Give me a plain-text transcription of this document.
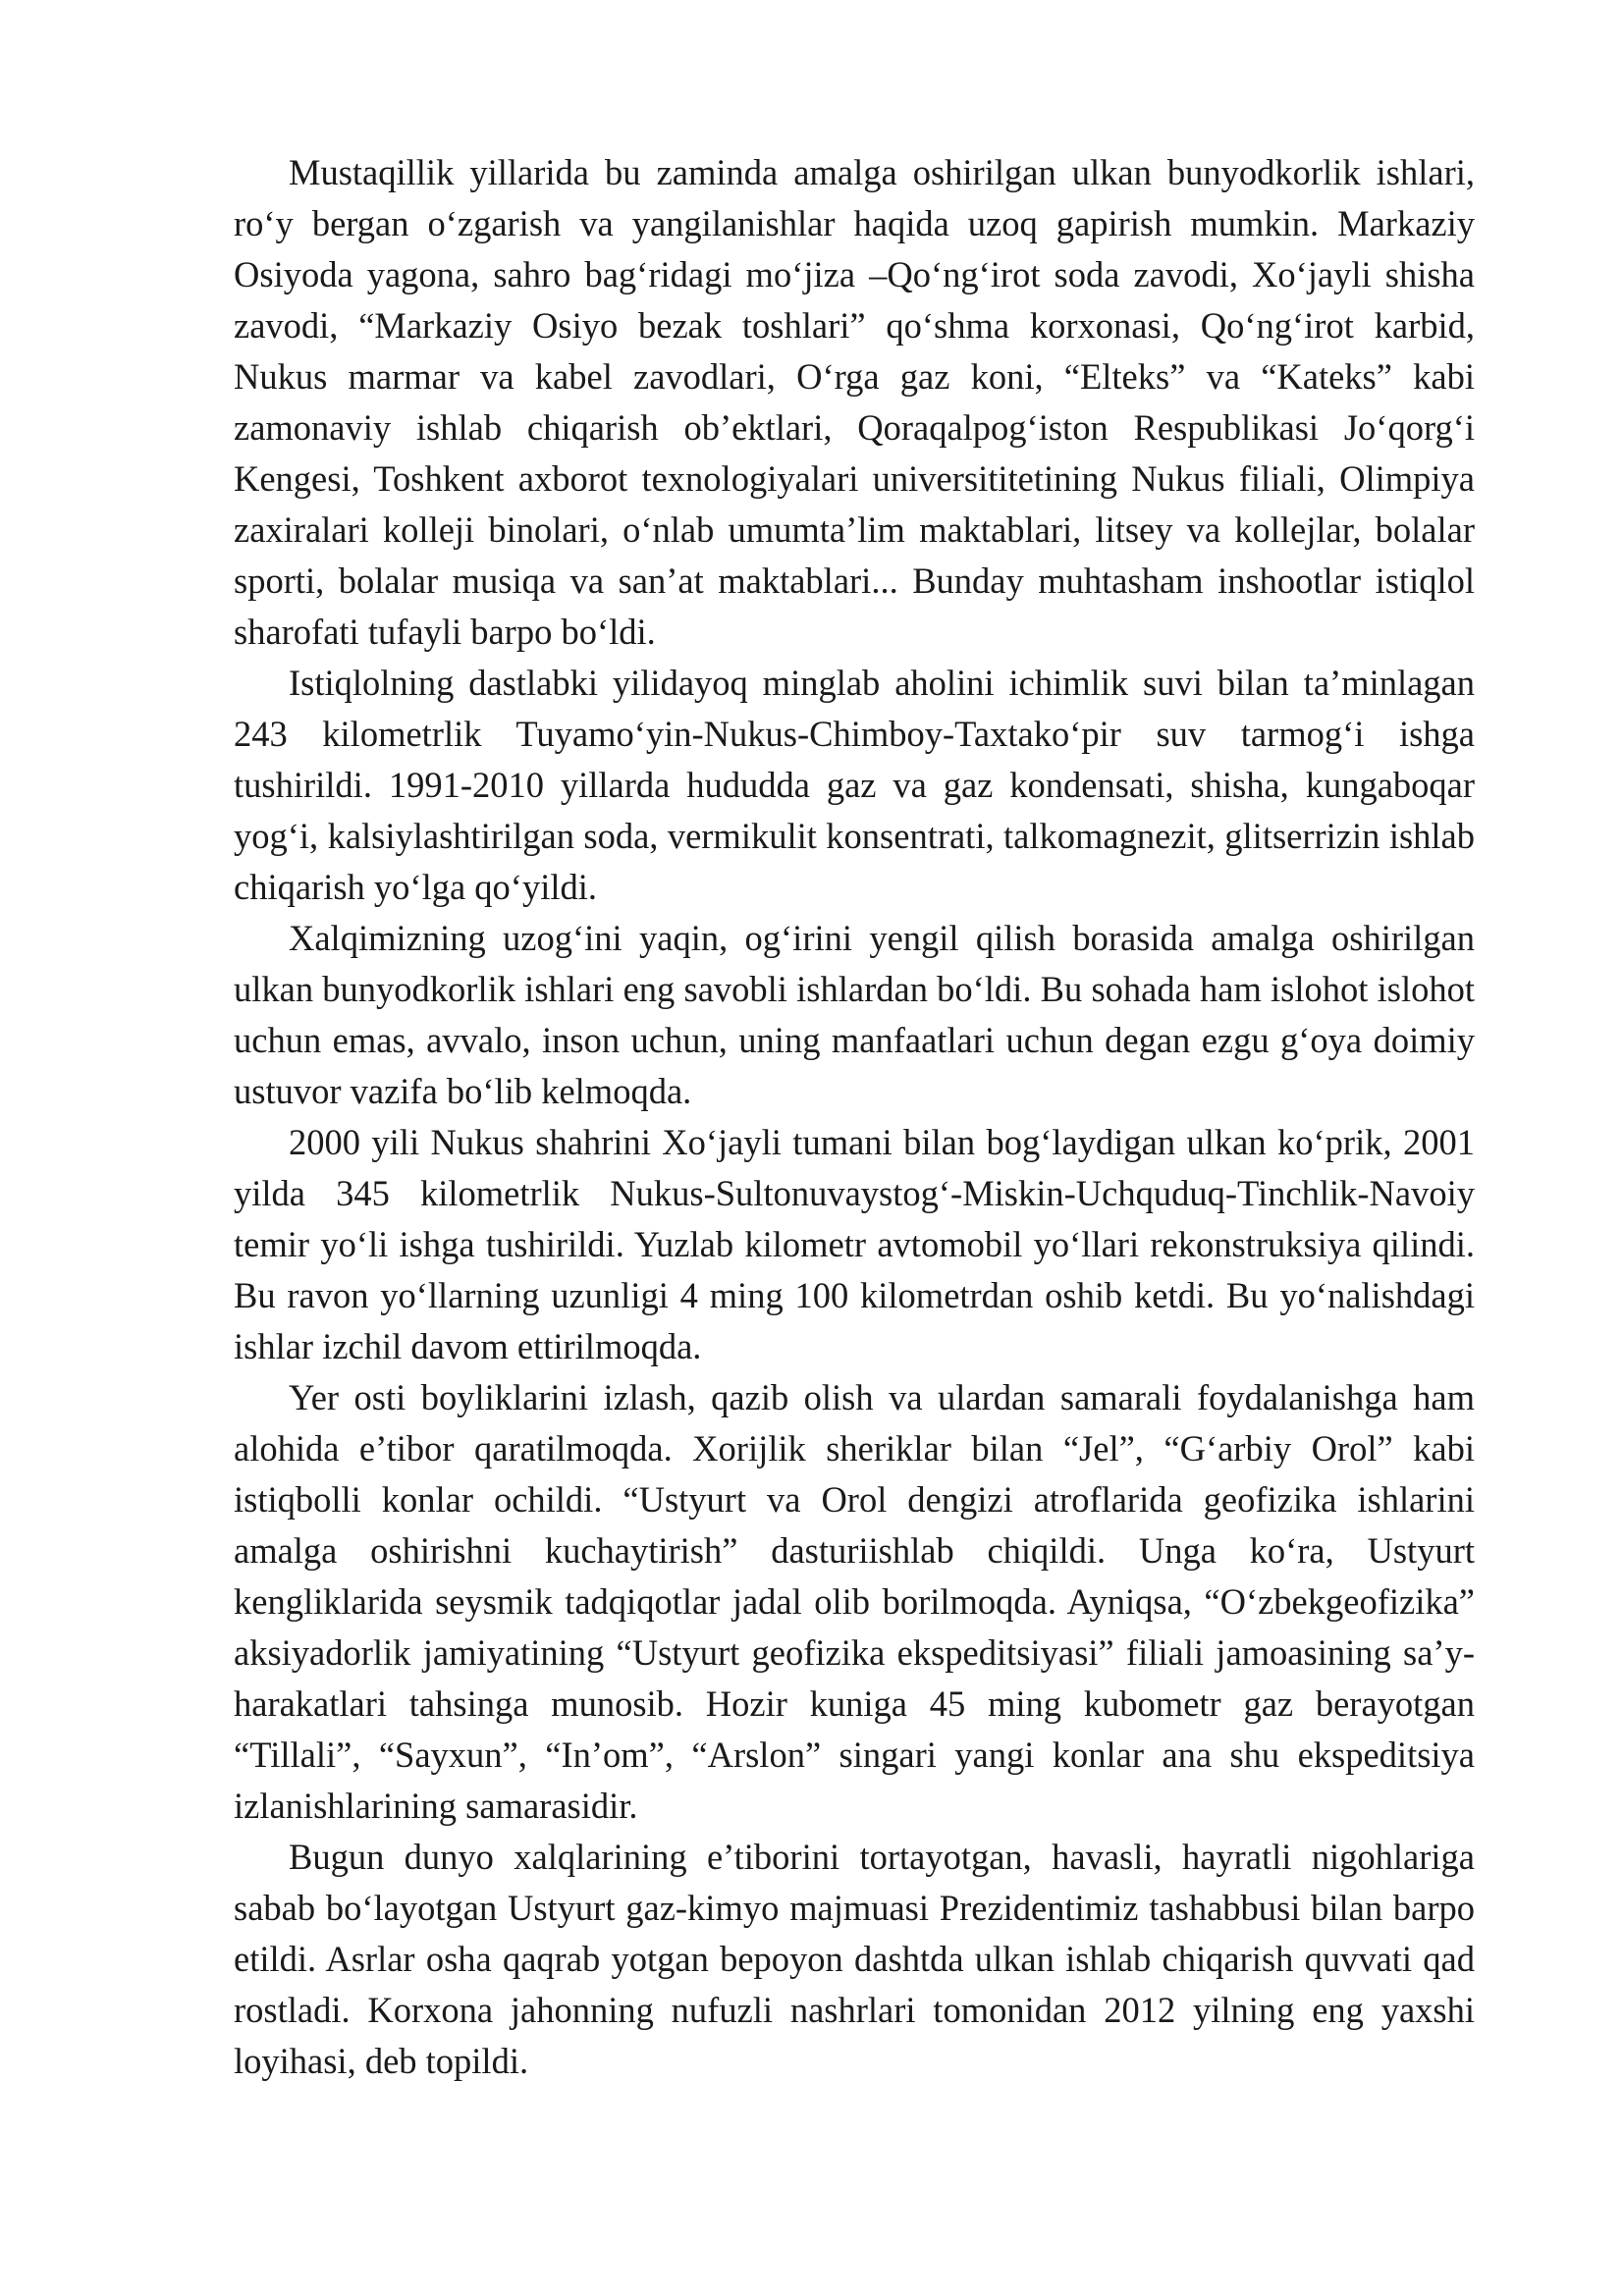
Mustaqillik yillarida bu zaminda amalga oshirilgan ulkan bunyodkorlik ishlari, ro‘y bergan o‘zgarish va yangilanishlar haqida uzoq gapirish mumkin. Markaziy Osiyoda yagona, sahro bag‘ridagi mo‘jiza –Qo‘ng‘irot soda zavodi, Xo‘jayli shisha zavodi, “Markaziy Osiyo bezak toshlari” qo‘shma korxonasi, Qo‘ng‘irot karbid, Nukus marmar va kabel zavodlari, O‘rga gaz koni, “Elteks” va “Kateks” kabi zamonaviy ishlab chiqarish ob’ektlari, Qoraqalpog‘iston Respublikasi Jo‘qorg‘i Kengesi, Toshkent axborot texnologiyalari universititetining Nukus filiali, Olimpiya zaxiralari kolleji binolari, o‘nlab umumta’lim maktablari, litsey va kollejlar, bolalar sporti, bolalar musiqa va san’at maktablari... Bunday muhtasham inshootlar istiqlol sharofati tufayli barpo bo‘ldi.

Istiqlolning dastlabki yilidayoq minglab aholini ichimlik suvi bilan ta’minlagan 243 kilometrlik Tuyamo‘yin-Nukus-Chimboy-Taxtako‘pir suv tarmog‘i ishga tushirildi. 1991-2010 yillarda hududda gaz va gaz kondensati, shisha, kungaboqar yog‘i, kalsiylashtirilgan soda, vermikulit konsentrati, talkomagnezit, glitserrizin ishlab chiqarish yo‘lga qo‘yildi.

Xalqimizning uzog‘ini yaqin, og‘irini yengil qilish borasida amalga oshirilgan ulkan bunyodkorlik ishlari eng savobli ishlardan bo‘ldi. Bu sohada ham islohot islohot uchun emas, avvalo, inson uchun, uning manfaatlari uchun degan ezgu g‘oya doimiy ustuvor vazifa bo‘lib kelmoqda.

2000 yili Nukus shahrini Xo‘jayli tumani bilan bog‘laydigan ulkan ko‘prik, 2001 yilda 345 kilometrlik Nukus-Sultonuvaystog‘-Miskin-Uchquduq-Tinchlik-Navoiy temir yo‘li ishga tushirildi. Yuzlab kilometr avtomobil yo‘llari rekonstruksiya qilindi. Bu ravon yo‘llarning uzunligi 4 ming 100 kilometrdan oshib ketdi. Bu yo‘nalishdagi ishlar izchil davom ettirilmoqda.

Yer osti boyliklarini izlash, qazib olish va ulardan samarali foydalanishga ham alohida e’tibor qaratilmoqda. Xorijlik sheriklar bilan “Jel”, “G‘arbiy Orol” kabi istiqbolli konlar ochildi. “Ustyurt va Orol dengizi atroflarida geofizika ishlarini amalga oshirishni kuchaytirish” dasturiishlab chiqildi. Unga ko‘ra, Ustyurt kengliklarida seysmik tadqiqotlar jadal olib borilmoqda. Ayniqsa, “O‘zbekgeofizika” aksiyadorlik jamiyatining “Ustyurt geofizika ekspeditsiyasi” filiali jamoasining sa’y-harakatlari tahsinga munosib. Hozir kuniga 45 ming kubometr gaz berayotgan “Tillali”, “Sayxun”, “In’om”, “Arslon” singari yangi konlar ana shu ekspeditsiya izlanishlarining samarasidir.

Bugun dunyo xalqlarining e’tiborini tortayotgan, havasli, hayratli nigohlariga sabab bo‘layotgan Ustyurt gaz-kimyo majmuasi Prezidentimiz tashabbusi bilan barpo etildi. Asrlar osha qaqrab yotgan bepoyon dashtda ulkan ishlab chiqarish quvvati qad rostladi. Korxona jahonning nufuzli nashrlari tomonidan 2012 yilning eng yaxshi loyihasi, deb topildi.
